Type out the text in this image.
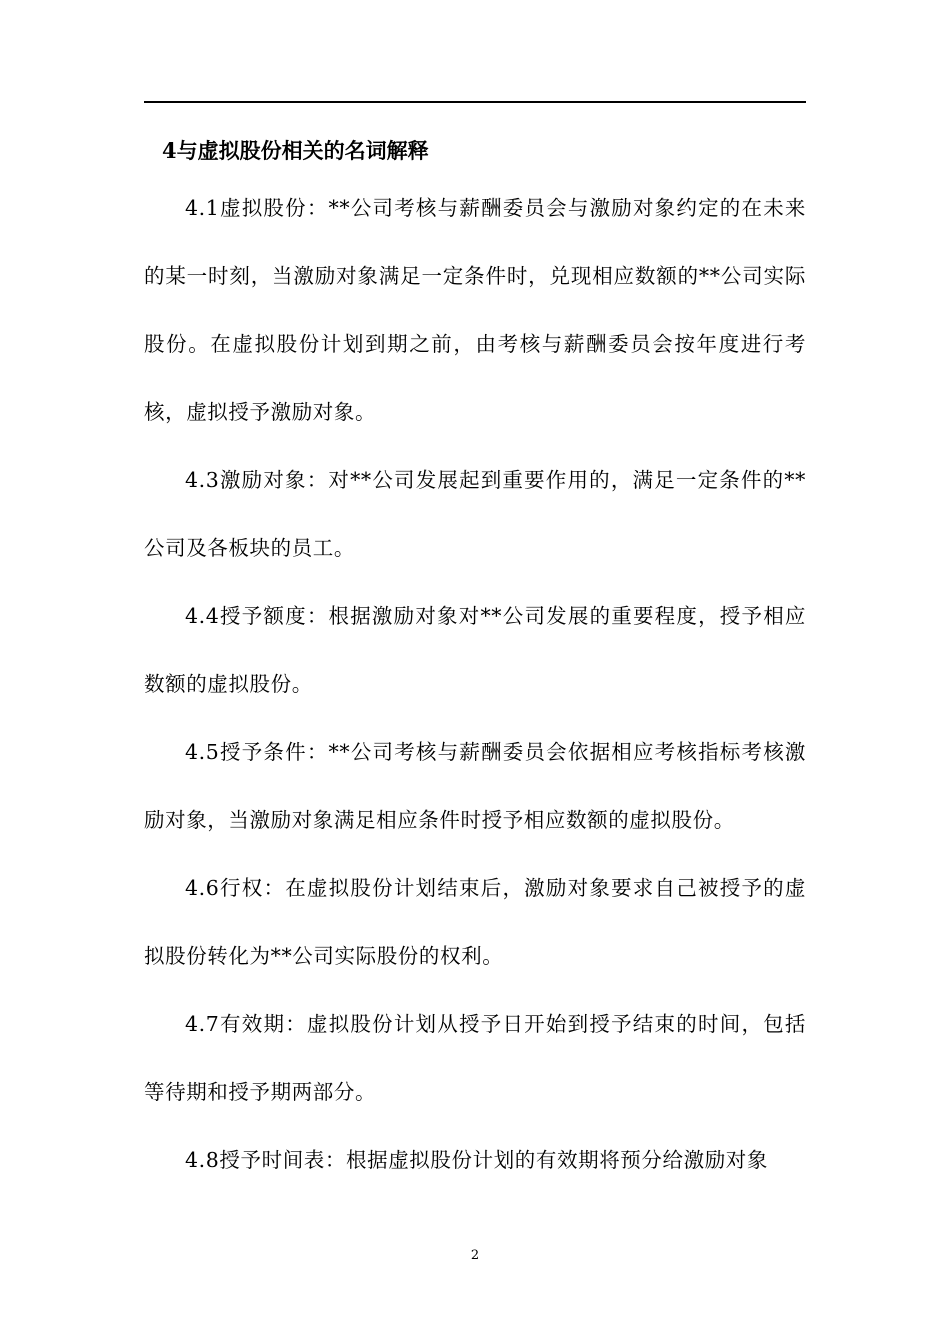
4与虚拟股份相关的名词解释

4.1虚拟股份：**公司考核与薪酬委员会与激励对象约定的在未来的某一时刻，当激励对象满足一定条件时，兑现相应数额的**公司实际股份。在虚拟股份计划到期之前，由考核与薪酬委员会按年度进行考核，虚拟授予激励对象。

4.3激励对象：对**公司发展起到重要作用的，满足一定条件的**公司及各板块的员工。

4.4授予额度：根据激励对象对**公司发展的重要程度，授予相应数额的虚拟股份。

4.5授予条件：**公司考核与薪酬委员会依据相应考核指标考核激励对象，当激励对象满足相应条件时授予相应数额的虚拟股份。

4.6行权：在虚拟股份计划结束后，激励对象要求自己被授予的虚拟股份转化为**公司实际股份的权利。

4.7有效期：虚拟股份计划从授予日开始到授予结束的时间，包括等待期和授予期两部分。

4.8授予时间表：根据虚拟股份计划的有效期将预分给激励对象

2
